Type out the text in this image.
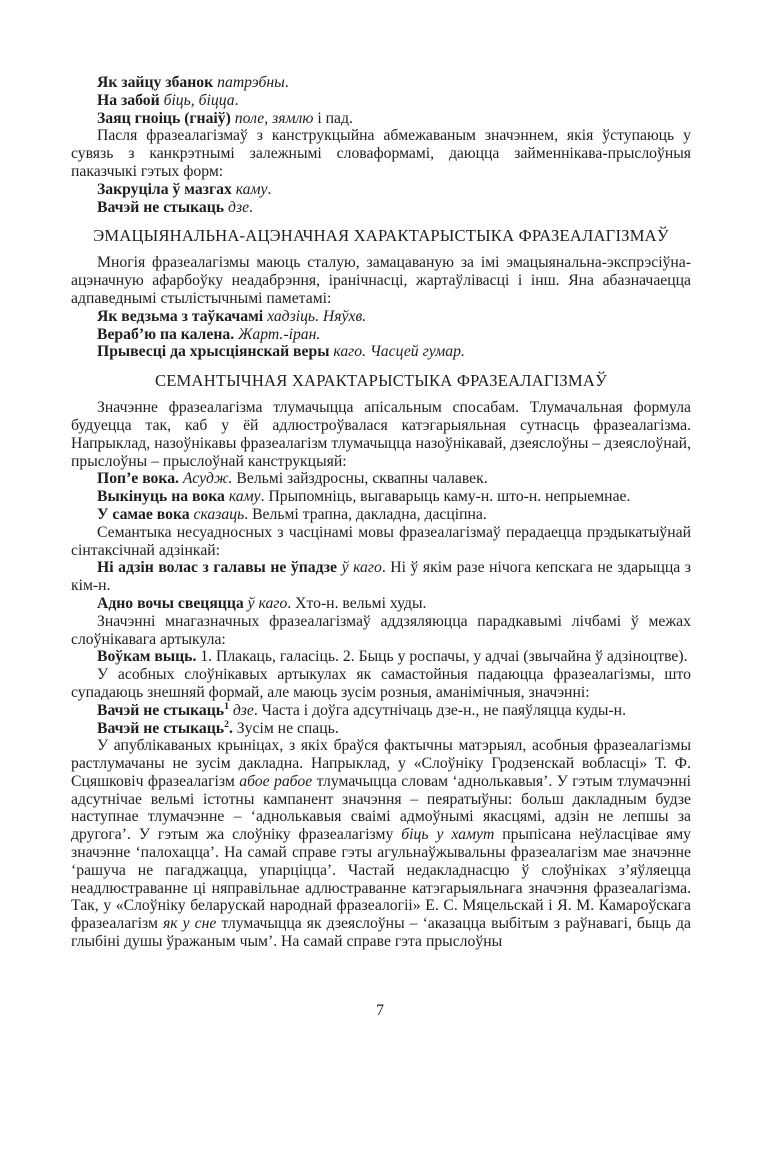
Як зайцу збанок патрэбны.

На забой біць, біцца.

Заяц гноіць (гнаіў) поле, зямлю і пад.

Пасля фразеалагізмаў з канструкцыйна абмежаваным значэннем, якія ўступаюць у сувязь з канкрэтнымі залежнымі словаформамі, даюцца займеннікава-прыслоўныя паказчыкі гэтых форм:

Закруціла ў мазгах каму.

Вачэй не стыкаць дзе.

ЭМАЦЫЯНАЛЬНА-АЦЭНАЧНАЯ ХАРАКТАРЫСТЫКА ФРАЗЕАЛАГІЗМАЎ

Многія фразеалагізмы маюць сталую, замацаваную за імі эмацыянальна-экспрэсіўна-ацэначную афарбоўку неадабрэння, іранічнасці, жартаўлівасці і інш. Яна абазначаецца адпаведнымі стылістычнымі паметамі:

Як ведзьма з таўкачамі хадзіць. Няўхв.

Вераб’ю па калена. Жарт.-іран.

Прывесці да хрысціянскай веры каго. Часцей гумар.

СЕМАНТЫЧНАЯ ХАРАКТАРЫСТЫКА ФРАЗЕАЛАГІЗМАЎ

Значэнне фразеалагізма тлумачыцца апісальным спосабам. Тлумачальная формула будуецца так, каб у ёй адлюстроўвалася катэгарыяльная сутнасць фразеалагізма. Напрыклад, назоўнікавы фразеалагізм тлумачыцца назоўнікавай, дзеяслоўны – дзеяслоўнай, прыслоўны – прыслоўнай канструкцыяй:

Поп’е вока. Асудж. Вельмі зайздросны, сквапны чалавек.

Выкінуць на вока каму. Прыпомніць, выгаварыць каму-н. што-н. непрыемнае.

У самае вока сказаць. Вельмі трапна, дакладна, дасціпна.

Семантыка несуадносных з часцінамі мовы фразеалагізмаў перадаецца прэдыкатыўнай сінтаксічнай адзінкай:

Ні адзін волас з галавы не ўпадзе ў каго. Ні ў якім разе нічога кепскага не здарыцца з кім-н.

Адно вочы свецяцца ў каго. Хто-н. вельмі худы.

Значэнні мнагазначных фразеалагізмаў аддзяляюцца парадкавымі лічбамі ў межах слоўнікавага артыкула:

Воўкам выць. 1. Плакаць, галасіць. 2. Быць у роспачы, у адчаі (звычайна ў адзіноцтве).

У асобных слоўнікавых артыкулах як самастойныя падаюцца фразеалагізмы, што супадаюць знешняй формай, але маюць зусім розныя, аманімічныя, значэнні:

Вачэй не стыкаць$^1$ дзе. Часта і доўга адсутнічаць дзе-н., не паяўляцца куды-н.

Вачэй не стыкаць$^2$. Зусім не спаць.

У апублікаваных крыніцах, з якіх браўся фактычны матэрыял, асобныя фразеалагізмы растлумачаны не зусім дакладна. Напрыклад, у «Слоўніку Гродзенскай вобласці» Т. Ф. Сцяшковіч фразеалагізм абое рабое тлумачыцца словам ‘аднолькавыя’. У гэтым тлумачэнні адсутнічае вельмі істотны кампанент значэння – пеяратыўны: больш дакладным будзе наступнае тлумачэнне – ‘аднолькавыя сваімі адмоўнымі якасцямі, адзін не лепшы за другога’. У гэтым жа слоўніку фразеалагізму біць у хамут прыпісана неўласцівае яму значэнне ‘палохацца’. На самай справе гэты агульнаўжывальны фразеалагізм мае значэнне ‘рашуча не пагаджацца, упарціцца’. Частай недакладнасцю ў слоўніках з’яўляецца неадлюстраванне ці няправільнае адлюстраванне катэгарыяльнага значэння фразеалагізма. Так, у «Слоўніку беларускай народнай фразеалогіі» Е. С. Мяцельскай і Я. М. Камароўскага фразеалагізм як у сне тлумачыцца як дзеяслоўны – ‘аказацца выбітым з раўнавагі, быць да глыбіні душы ўражаным чым’. На самай справе гэта прыслоўны

7
